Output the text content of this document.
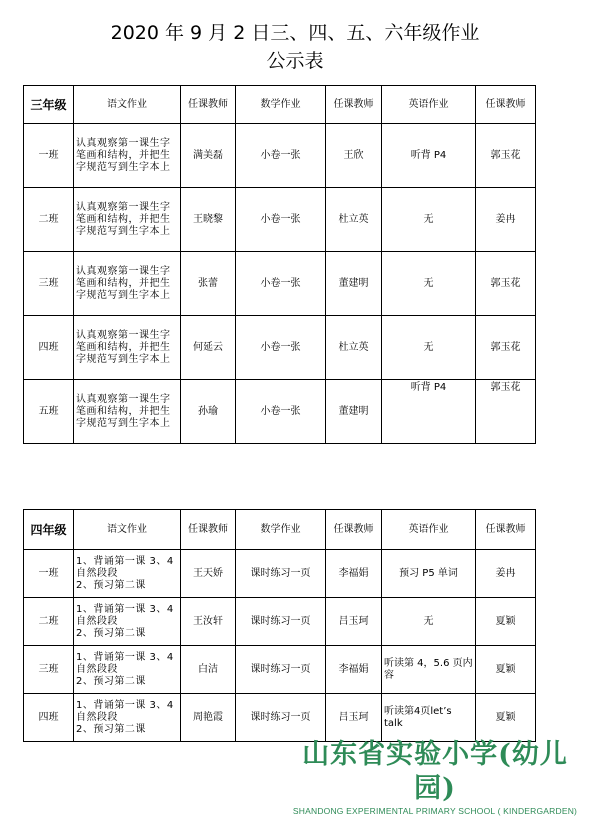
2020 年 9 月 2 日三、四、五、六年级作业
公示表
三年级	语文作业	任课教师	数学作业	任课教师	英语作业	任课教师
一班	认真观察第一课生字笔画和结构，并把生字规范写到生字本上	满美磊	小卷一张	王欣	听背 P4	郭玉花
二班	认真观察第一课生字笔画和结构，并把生字规范写到生字本上	王晓黎	小卷一张	杜立英	无	姜冉
三班	认真观察第一课生字笔画和结构，并把生字规范写到生字本上	张蕾	小卷一张	董建明	无	郭玉花
四班	认真观察第一课生字笔画和结构，并把生字规范写到生字本上	何延云	小卷一张	杜立英	无	郭玉花
五班	认真观察第一课生字笔画和结构，并把生字规范写到生字本上	孙瑜	小卷一张	董建明	听背 P4	郭玉花
四年级	语文作业	任课教师	数学作业	任课教师	英语作业	任课教师
一班	1、背诵第一课 3、4 自然段段
2、预习第二课	王天娇	课时练习一页	李福娟	预习 P5 单词	姜冉
二班	1、背诵第一课 3、4 自然段段
2、预习第二课	王汝轩	课时练习一页	吕玉珂	无	夏颖
三班	1、背诵第一课 3、4 自然段段
2、预习第二课	白洁	课时练习一页	李福娟	听读第 4，5.6 页内容	夏颖
四班	1、背诵第一课 3、4 自然段段
2、预习第二课	周艳霞	课时练习一页	吕玉珂	听读第4页let’s talk	夏颖
山东省实验小学(幼儿园)
SHANDONG EXPERIMENTAL PRIMARY SCHOOL ( KINDERGARDEN)
